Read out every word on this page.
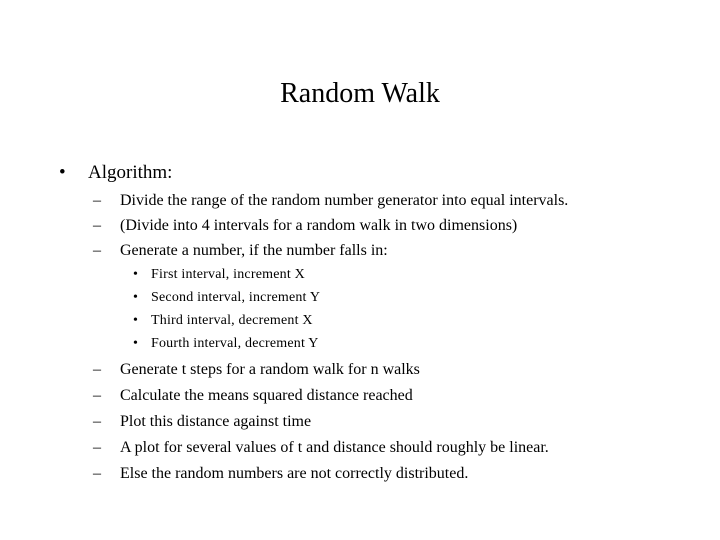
Random Walk
• Algorithm:
– Divide the range of the random number generator into equal intervals.
– (Divide into 4 intervals for a random walk in two dimensions)
– Generate a number, if the number falls in:
• First interval, increment X
• Second interval, increment Y
• Third interval, decrement X
• Fourth interval, decrement Y
– Generate t steps for a random walk for n walks
– Calculate the means squared distance reached
– Plot this distance against time
– A plot for several values of t and distance should roughly be linear.
– Else the random numbers are not correctly distributed.
